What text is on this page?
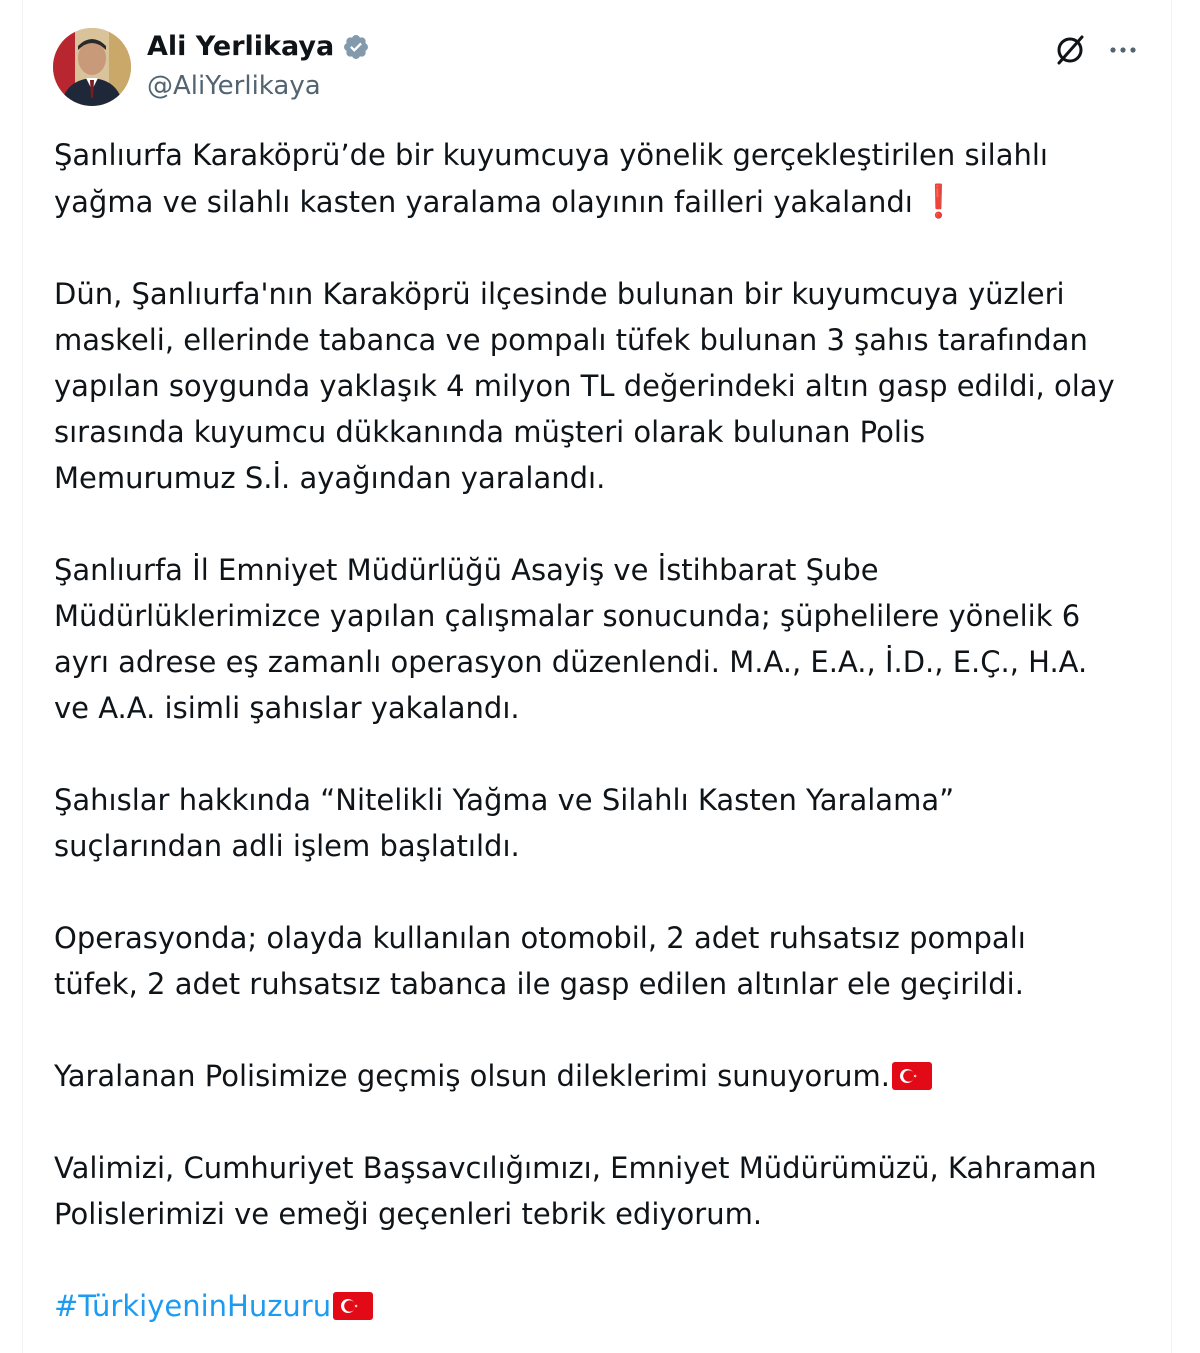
Ali Yerlikaya
@AliYerlikaya

Şanlıurfa Karaköprü’de bir kuyumcuya yönelik gerçekleştirilen silahlı
yağma ve silahlı kasten yaralama olayının failleri yakalandı ❗

Dün, Şanlıurfa'nın Karaköprü ilçesinde bulunan bir kuyumcuya yüzleri
maskeli, ellerinde tabanca ve pompalı tüfek bulunan 3 şahıs tarafından
yapılan soygunda yaklaşık 4 milyon TL değerindeki altın gasp edildi, olay
sırasında kuyumcu dükkanında müşteri olarak bulunan Polis
Memurumuz S.İ. ayağından yaralandı.

Şanlıurfa İl Emniyet Müdürlüğü Asayiş ve İstihbarat Şube
Müdürlüklerimizce yapılan çalışmalar sonucunda; şüphelilere yönelik 6
ayrı adrese eş zamanlı operasyon düzenlendi. M.A., E.A., İ.D., E.Ç., H.A.
ve A.A. isimli şahıslar yakalandı.

Şahıslar hakkında “Nitelikli Yağma ve Silahlı Kasten Yaralama”
suçlarından adli işlem başlatıldı.

Operasyonda; olayda kullanılan otomobil, 2 adet ruhsatsız pompalı
tüfek, 2 adet ruhsatsız tabanca ile gasp edilen altınlar ele geçirildi.

Yaralanan Polisimize geçmiş olsun dileklerimi sunuyorum.

Valimizi, Cumhuriyet Başsavcılığımızı, Emniyet Müdürümüzü, Kahraman
Polislerimizi ve emeği geçenleri tebrik ediyorum.

#TürkiyeninHuzuru
